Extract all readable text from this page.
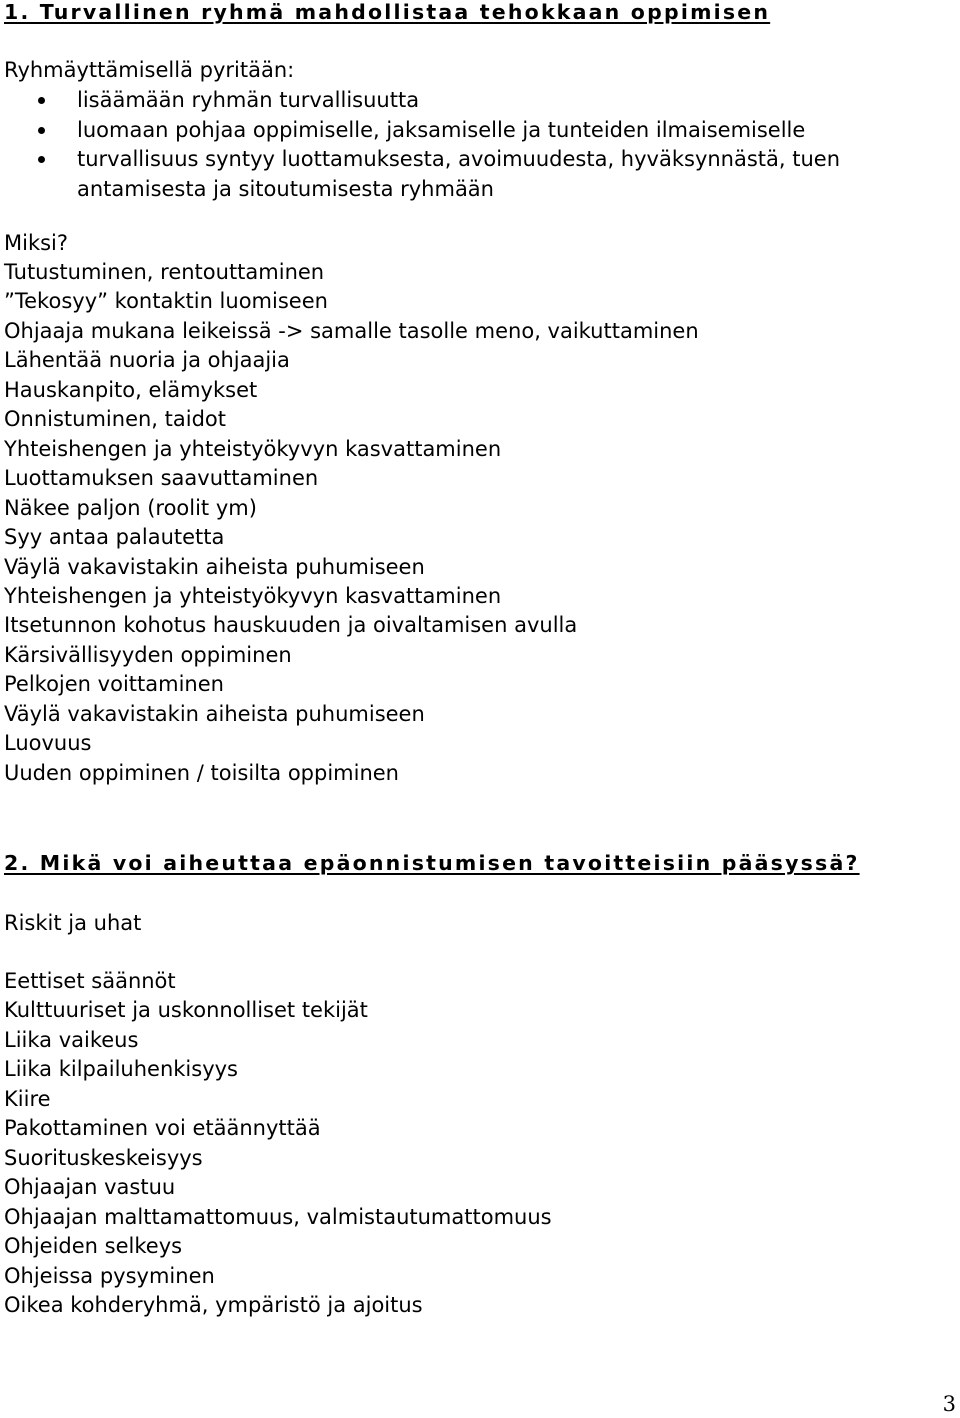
1. Turvallinen ryhmä mahdollistaa tehokkaan oppimisen
Ryhmäyttämisellä pyritään:
lisäämään ryhmän turvallisuutta
luomaan pohjaa oppimiselle, jaksamiselle ja tunteiden ilmaisemiselle
turvallisuus syntyy luottamuksesta, avoimuudesta, hyväksynnästä, tuen antamisesta ja sitoutumisesta ryhmään
Miksi?
Tutustuminen, rentouttaminen
”Tekosyy” kontaktin luomiseen
Ohjaaja mukana leikeissä -> samalle tasolle meno, vaikuttaminen
Lähentää nuoria ja ohjaajia
Hauskanpito, elämykset
Onnistuminen, taidot
Yhteishengen ja yhteistyökyvyn kasvattaminen
Luottamuksen saavuttaminen
Näkee paljon (roolit ym)
Syy antaa palautetta
Väylä vakavistakin aiheista puhumiseen
Yhteishengen ja yhteistyökyvyn kasvattaminen
Itsetunnon kohotus hauskuuden ja oivaltamisen avulla
Kärsivällisyyden oppiminen
Pelkojen voittaminen
Väylä vakavistakin aiheista puhumiseen
Luovuus
Uuden oppiminen / toisilta oppiminen
2. Mikä voi aiheuttaa epäonnistumisen tavoitteisiin pääsyssä?
Riskit ja uhat
Eettiset säännöt
Kulttuuriset ja uskonnolliset tekijät
Liika vaikeus
Liika kilpailuhenkisyys
Kiire
Pakottaminen voi etäännyttää
Suorituskeskeisyys
Ohjaajan vastuu
Ohjaajan malttamattomuus, valmistautumattomuus
Ohjeiden selkeys
Ohjeissa pysyminen
Oikea kohderyhmä, ympäristö ja ajoitus
3
